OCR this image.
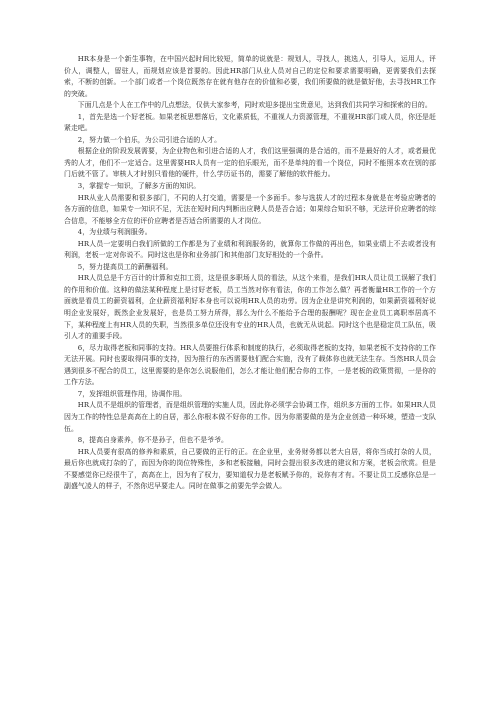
HR本身是一个新生事物，在中国兴起时间比较短，简单的说就是：规划人，寻找人，挑选人，引导人，运用人，评价人，调整人，留驻人，而规划应该是首要的。因此HR部门从业人员对自己的定位和要求需要明确，更需要我们去探索，不断的创新。一个部门或者一个岗位既然存在就有他存在的价值和必要，我们所要做的就是做好他，去寻找HR工作的突破。

下面几点是个人在工作中的几点想法，仅供大家参考，同时欢迎多提出宝贵意见，达到我们共同学习和探索的目的。

1，首先是选一个好老板。如果老板思想落后，文化素质低，不重视人力资源管理，不重视HR部门或人员，你还是赶紧走吧。

2，努力做一个伯乐，为公司引进合适的人才。

根据企业的阶段发展需要，为企业物色和引进合适的人才，我们这里强调的是合适的，而不是最好的人才，或者最优秀的人才，他们不一定适合。这里需要HR人员有一定的伯乐眼光，而不是单纯的看一个岗位，同时不能照本欢在别的部门后就不管了。审核人才时别只看他的硬件，什么学历证书的，需要了解他的软件能力。

3，掌握专一知识，了解多方面的知识。

HR从业人员需要和很多部门，不同的人打交道，需要是一个多面手。参与选拔人才的过程本身就是在考验应聘者的各方面的信息，如果专一知识不足，无法在短时间内判断出应聘人员是否合适；如果综合知识不够，无法评价应聘者的综合信息，不能够全方位的评价应聘者是否适合所需要的人才岗位。

4，为业绩与利润服务。

HR人员一定要明白我们所做的工作都是为了业绩和利润服务的，就算你工作做的再出色，如果业绩上不去或者没有利润，老板一定对你说不。同时这也是你和业务部门和其他部门友好相处的一个条件。

5，努力提高员工的薪酬福利。

HR人员总是千方百计的计算和克扣工资，这是很多职场人员的看法，从这个来看，是我们HR人员让员工误解了我们的作用和价值。这种的做法某种程度上是讨好老板，员工当然对你有看法，你的工作怎么做？再者衡量HR工作的一个方面就是看员工的薪资福利，企业薪资福利好本身也可以说明HR人员的功劳。因为企业是讲究利润的，如果薪资福利好说明企业发展好，既然企业发展好，也是员工努力所得，那么为什么不能给予合理的报酬呢？现在企业员工离职率居高不下，某种程度上有HR人员的失职，当然很多单位还没有专业的HR人员，也就无从说起。同时这个也是稳定员工队伍，吸引人才的重要手段。

6，尽力取得老板和同事的支持。HR人员要推行体系和制度的执行，必须取得老板的支持，如果老板不支持你的工作无法开展。同时也要取得同事的支持，因为推行的东西需要他们配合实施，没有了载体你也就无法生存。当然HR人员会遇到很多不配合的员工，这里需要的是你怎么说服他们，怎么才能让他们配合你的工作，一是老板的政策贯彻，一是你的工作方法。

7，发挥组织管理作用，协调作用。

HR人员不是组织的管理者，而是组织管理的实施人员，因此你必须学会协调工作，组织多方面的工作。如果HR人员因为工作的特性总是高高在上的自居，那么你根本做不好你的工作。因为你需要做的是为企业创造一种环境，塑造一支队伍。

8，提高自身素养，你不是孙子，但也不是爷爷。

HR人员要有很高的修养和素质，自己要做的正行的正。在企业里，业务财务都以老大自居，将你当成打杂的人员，最后你也就成打杂的了，而因为你的岗位特殊性，多和老板接触，同时会提出很多改进的建议和方案，老板会欣赏。但是不要感觉你已经很牛了，高高在上，因为有了权力，要知道权力是老板赋予你的，说你有才有。不要让员工反感你总是一副盛气凌人的样子，不然你迟早要走人。同时在做事之前要先学会做人。
